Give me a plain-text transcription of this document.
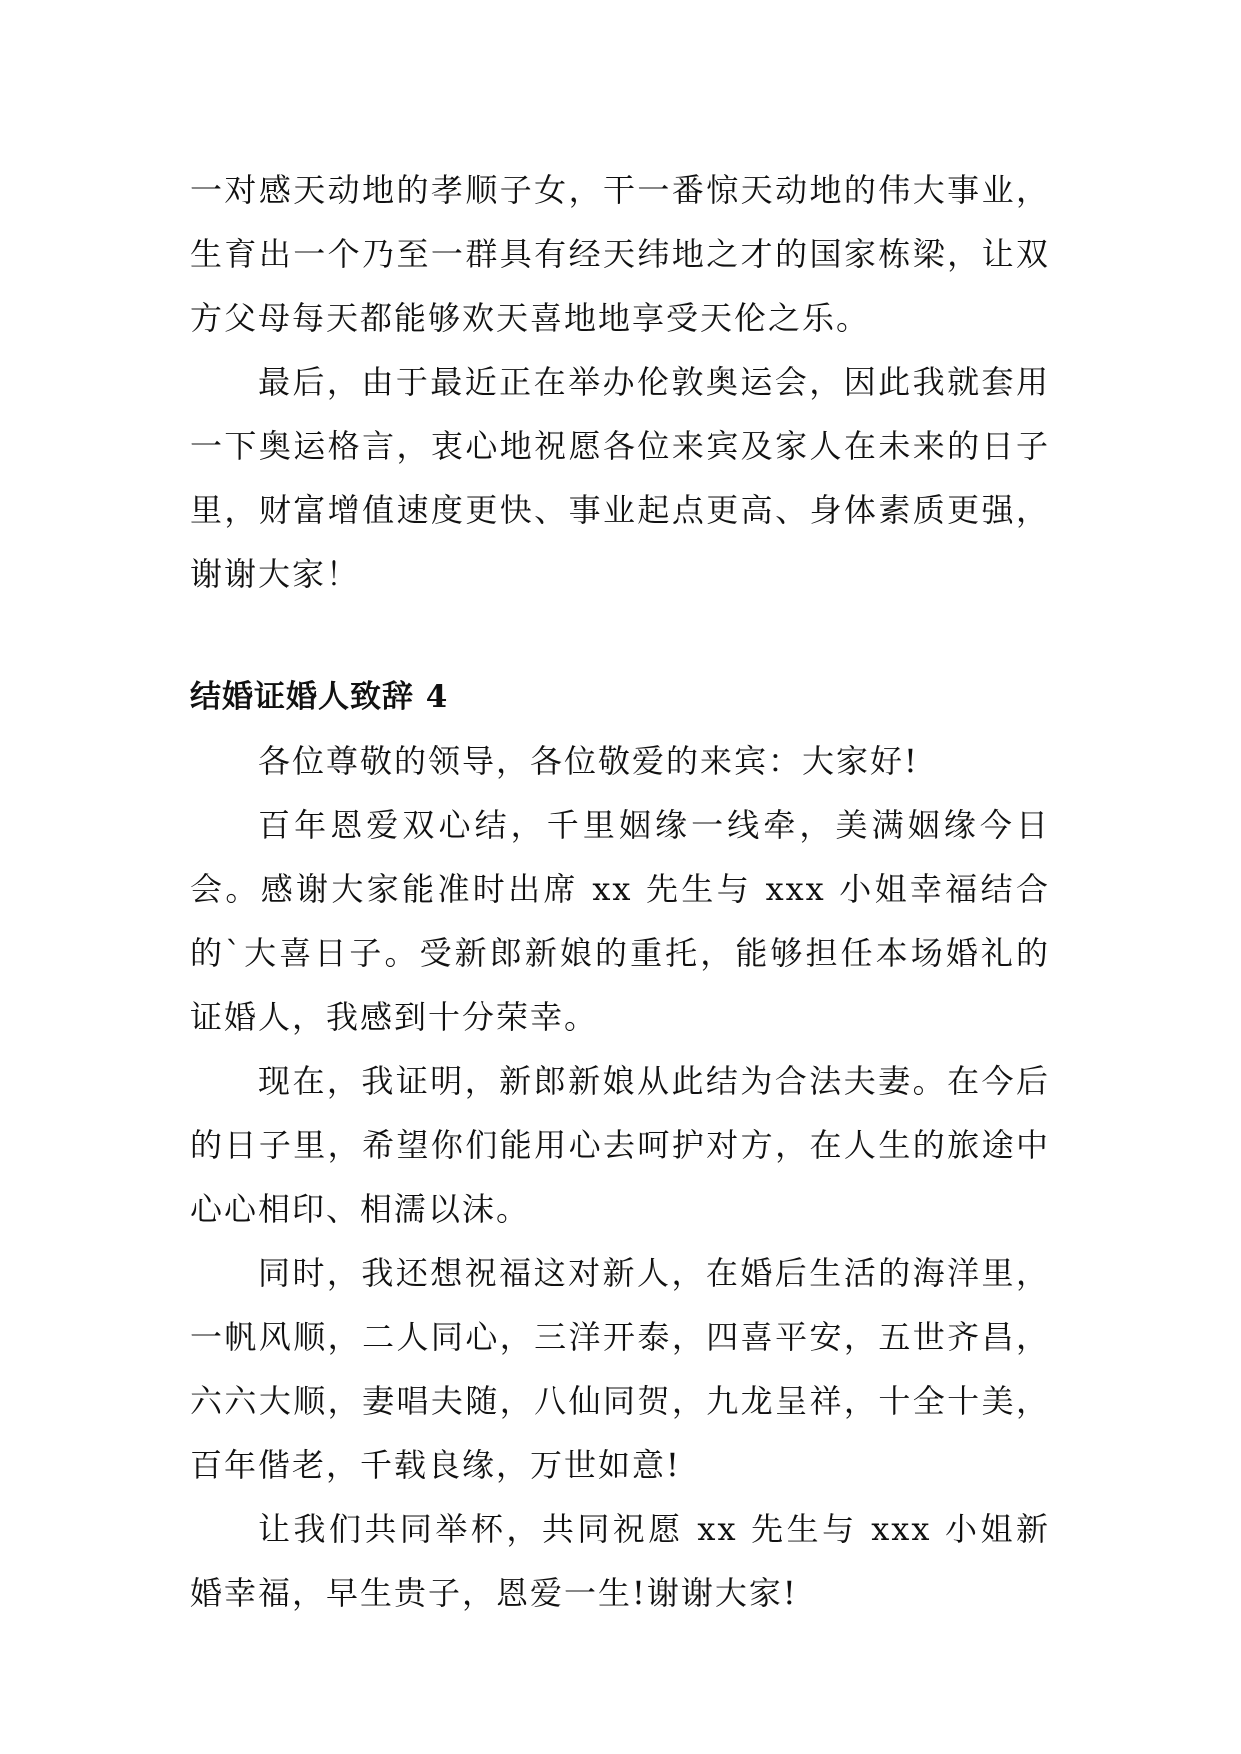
一对感天动地的孝顺子女，干一番惊天动地的伟大事业，生育出一个乃至一群具有经天纬地之才的国家栋梁，让双方父母每天都能够欢天喜地地享受天伦之乐。

最后，由于最近正在举办伦敦奥运会，因此我就套用一下奥运格言，衷心地祝愿各位来宾及家人在未来的日子里，财富增值速度更快、事业起点更高、身体素质更强，谢谢大家！

结婚证婚人致辞 4

各位尊敬的领导，各位敬爱的来宾：大家好!

百年恩爱双心结，千里姻缘一线牵，美满姻缘今日会。感谢大家能准时出席 xx 先生与 xxx 小姐幸福结合的`大喜日子。受新郎新娘的重托，能够担任本场婚礼的证婚人，我感到十分荣幸。

现在，我证明，新郎新娘从此结为合法夫妻。在今后的日子里，希望你们能用心去呵护对方，在人生的旅途中心心相印、相濡以沫。

同时，我还想祝福这对新人，在婚后生活的海洋里，一帆风顺，二人同心，三洋开泰，四喜平安，五世齐昌，六六大顺，妻唱夫随，八仙同贺，九龙呈祥，十全十美，百年偕老，千载良缘，万世如意!

让我们共同举杯，共同祝愿 xx 先生与 xxx 小姐新婚幸福，早生贵子，恩爱一生!谢谢大家!
